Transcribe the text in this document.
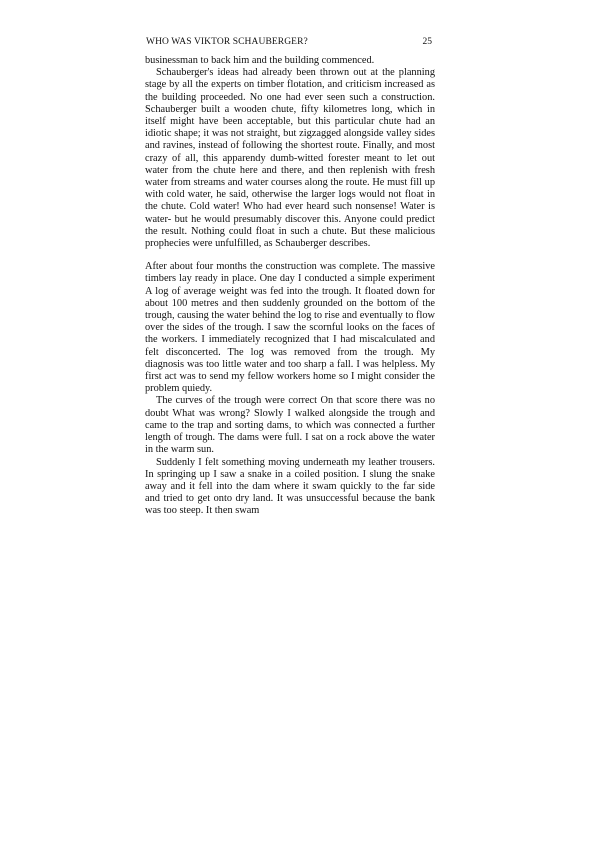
WHO WAS VIKTOR SCHAUBERGER?	25

businessman to back him and the building commenced.

Schauberger's ideas had already been thrown out at the planning stage by all the experts on timber flotation, and criticism increased as the building proceeded. No one had ever seen such a construction. Schauberger built a wooden chute, fifty kilometres long, which in itself might have been acceptable, but this particular chute had an idiotic shape; it was not straight, but zigzagged alongside valley sides and ravines, instead of following the shortest route. Finally, and most crazy of all, this apparendy dumb-witted forester meant to let out water from the chute here and there, and then replenish with fresh water from streams and water courses along the route. He must fill up with cold water, he said, otherwise the larger logs would not float in the chute. Cold water! Who had ever heard such nonsense! Water is water- but he would presumably discover this. Anyone could predict the result. Nothing could float in such a chute. But these malicious prophecies were unfulfilled, as Schauberger describes.

After about four months the construction was complete. The massive timbers lay ready in place. One day I conducted a simple experiment A log of average weight was fed into the trough. It floated down for about 100 metres and then suddenly grounded on the bottom of the trough, causing the water behind the log to rise and eventually to flow over the sides of the trough. I saw the scornful looks on the faces of the workers. I immediately recognized that I had miscalculated and felt disconcerted. The log was removed from the trough. My diagnosis was too little water and too sharp a fall. I was helpless. My first act was to send my fellow workers home so I might consider the problem quiedy.

The curves of the trough were correct On that score there was no doubt What was wrong? Slowly I walked alongside the trough and came to the trap and sorting dams, to which was connected a further length of trough. The dams were full. I sat on a rock above the water in the warm sun.

Suddenly I felt something moving underneath my leather trousers. In springing up I saw a snake in a coiled position. I slung the snake away and it fell into the dam where it swam quickly to the far side and tried to get onto dry land. It was unsuccessful because the bank was too steep. It then swam
